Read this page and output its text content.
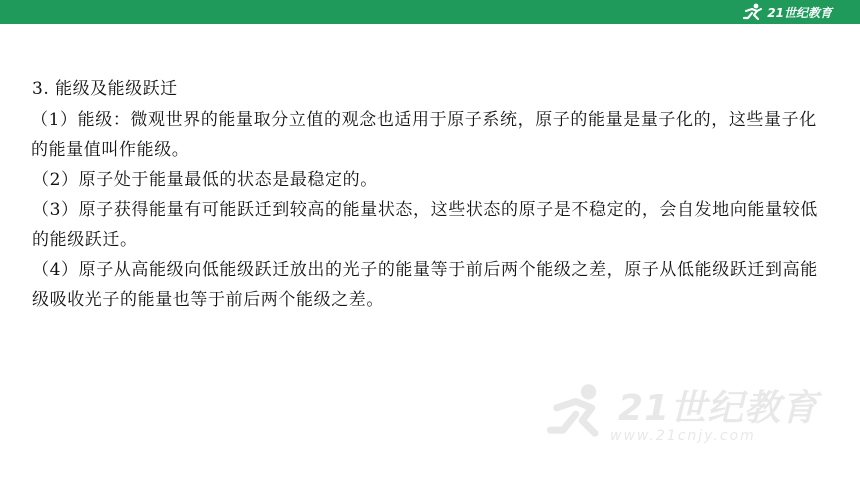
21世纪教育
3. 能级及能级跃迁

（1）能级：微观世界的能量取分立值的观念也适用于原子系统，原子的能量是量子化的，这些量子化的能量值叫作能级。

（2）原子处于能量最低的状态是最稳定的。

（3）原子获得能量有可能跃迁到较高的能量状态，这些状态的原子是不稳定的，会自发地向能量较低的能级跃迁。

（4）原子从高能级向低能级跃迁放出的光子的能量等于前后两个能级之差，原子从低能级跃迁到高能级吸收光子的能量也等于前后两个能级之差。

21世纪教育
www.21cnjy.com
